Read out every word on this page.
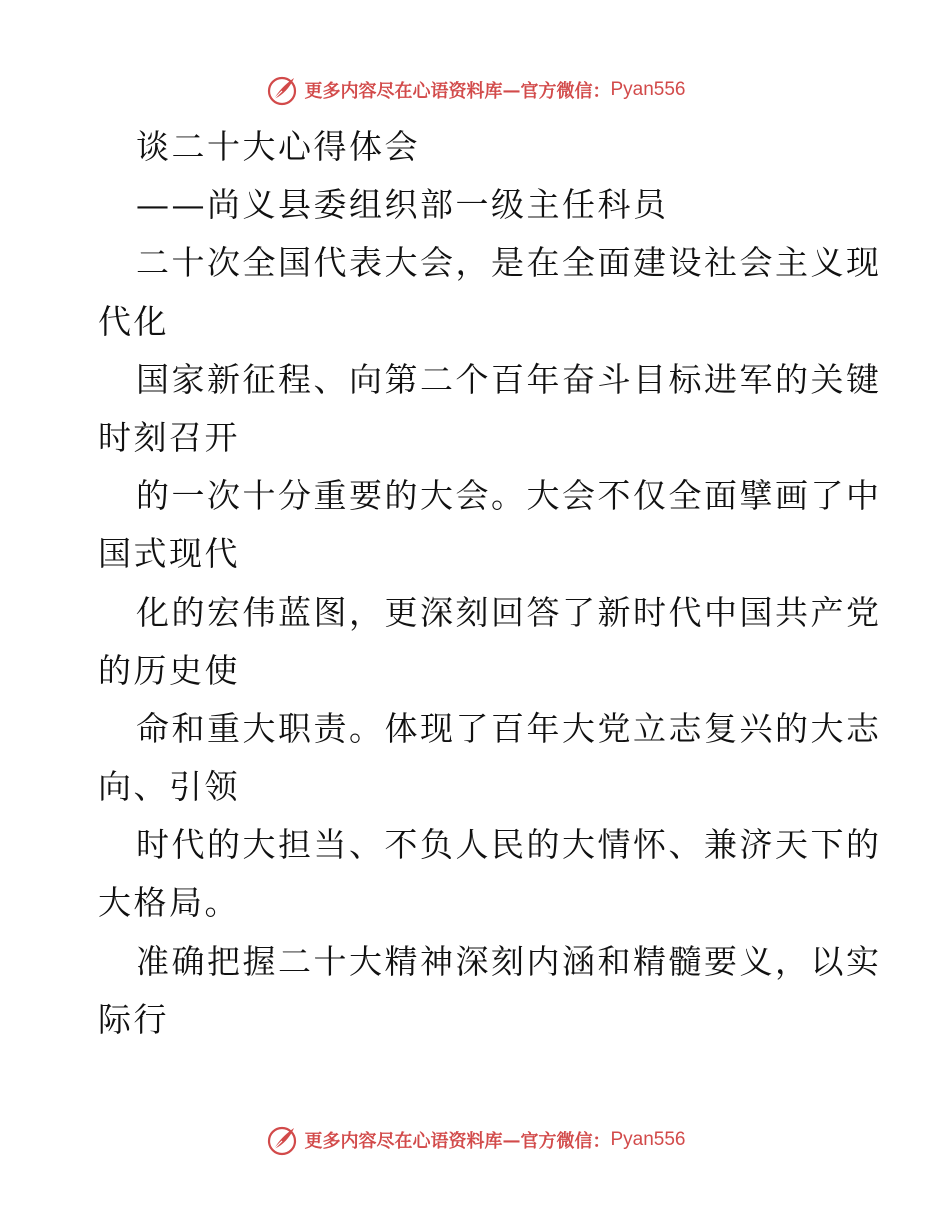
更多内容尽在心语资料库 — 官方微信： Pyan556
谈二十大心得体会
——尚义县委组织部一级主任科员
二十次全国代表大会，是在全面建设社会主义现
代化
国家新征程、向第二个百年奋斗目标进军的关键
时刻召开
的一次十分重要的大会。大会不仅全面擘画了中
国式现代
化的宏伟蓝图，更深刻回答了新时代中国共产党
的历史使
命和重大职责。体现了百年大党立志复兴的大志
向、引领
时代的大担当、不负人民的大情怀、兼济天下的
大格局。
准确把握二十大精神深刻内涵和精髓要义，以实
际行
更多内容尽在心语资料库 — 官方微信： Pyan556
